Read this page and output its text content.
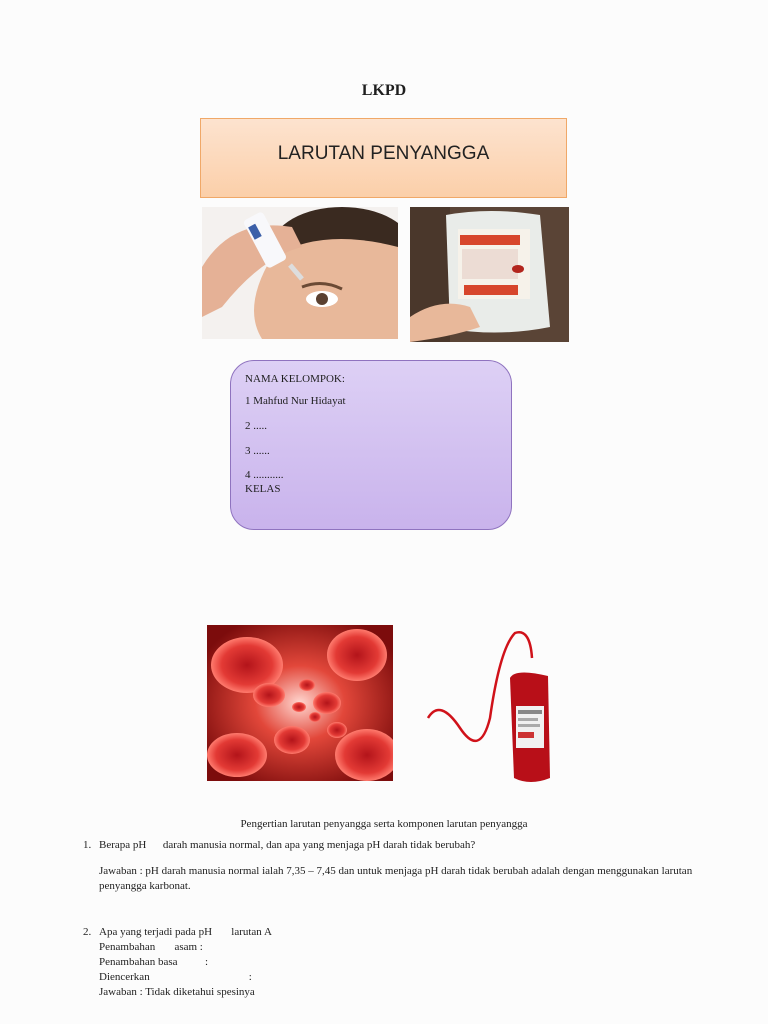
LKPD
LARUTAN PENYANGGA
NAMA KELOMPOK:
1 Mahfud Nur Hidayat
2 .....
3 ......
4 ...........
KELAS
Pengertian larutan penyangga serta komponen larutan penyangga
1. Berapa pH      darah manusia normal, dan apa yang menjaga pH darah tidak berubah?
Jawaban : pH darah manusia normal ialah 7,35 – 7,45 dan untuk menjaga pH darah tidak berubah adalah dengan menggunakan larutan
penyangga karbonat.
2. Apa yang terjadi pada pH       larutan A
Penambahan       asam :
Penambahan basa          :
Diencerkan                                    :
Jawaban : Tidak diketahui spesinya
